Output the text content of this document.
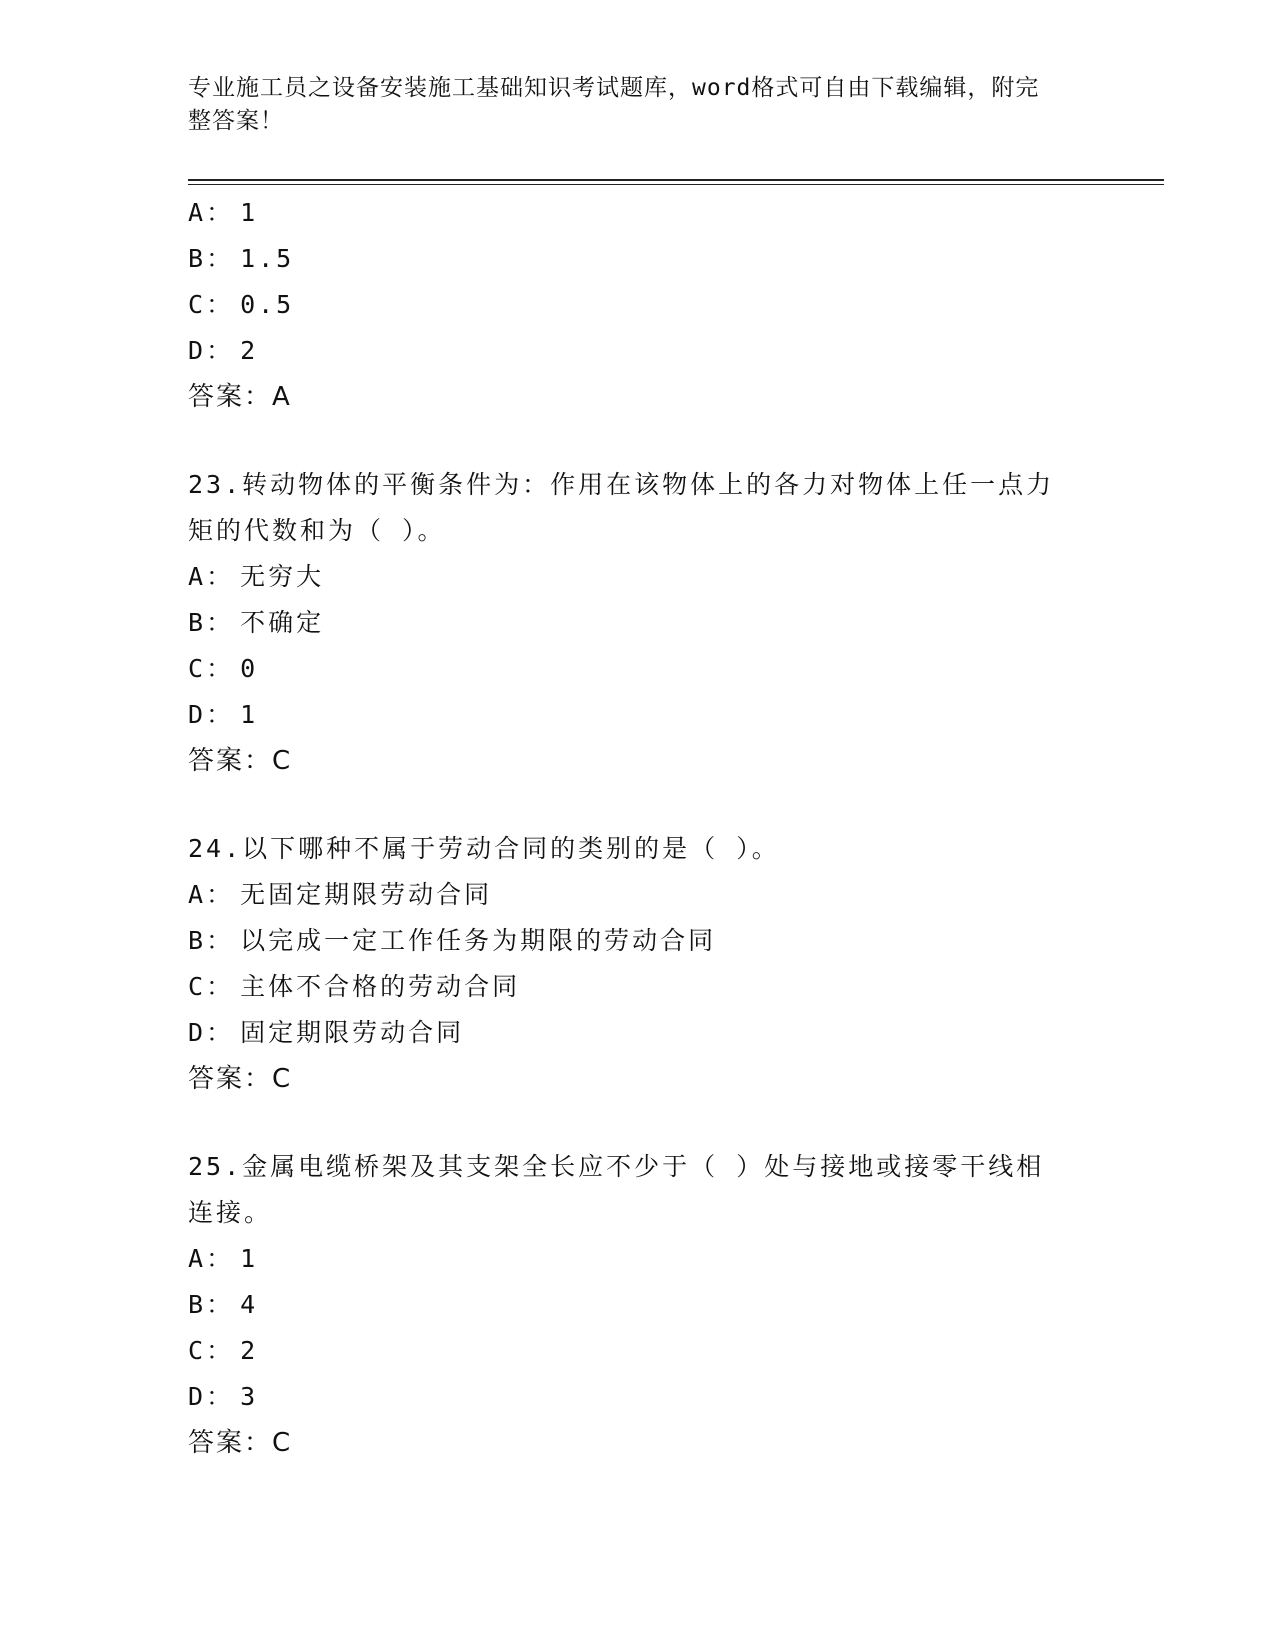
专业施工员之设备安装施工基础知识考试题库，word格式可自由下载编辑，附完
整答案！
A： 1
B： 1.5
C： 0.5
D： 2
答案：A
23.转动物体的平衡条件为：作用在该物体上的各力对物体上任一点力
矩的代数和为（ ）。
A： 无穷大
B： 不确定
C： 0
D： 1
答案：C
24.以下哪种不属于劳动合同的类别的是（ ）。
A： 无固定期限劳动合同
B： 以完成一定工作任务为期限的劳动合同
C： 主体不合格的劳动合同
D： 固定期限劳动合同
答案：C
25.金属电缆桥架及其支架全长应不少于（ ）处与接地或接零干线相
连接。
A： 1
B： 4
C： 2
D： 3
答案：C
